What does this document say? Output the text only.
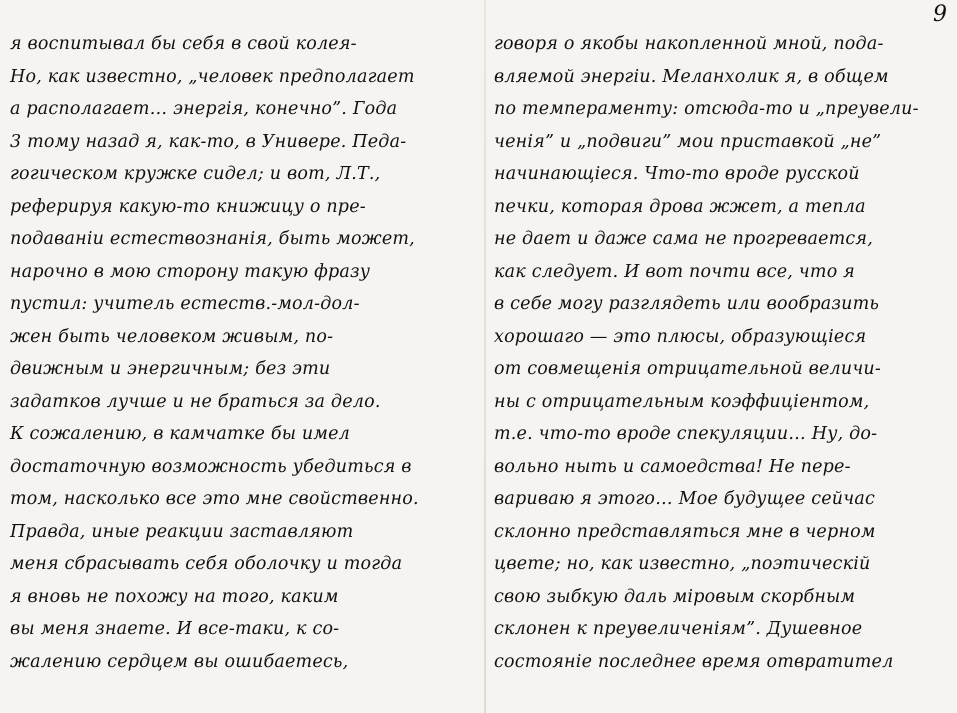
9
я воспитывал бы себя в свой колея-
Но, как известно, „человек предполагает
а располагает… энергія, конечно”. Года
3 тому назад я, как-то, в Универе. Педа-
гогическом кружке сидел; и вот, Л.Т.,
реферируя какую-то книжицу о пре-
подаваніи естествознанія, быть может,
нарочно в мою сторону такую фразу
пустил: учитель естеств.-мол-дол-
жен быть человеком живым, по-
движным и энергичным; без эти
задатков лучше и не браться за дело.
К сожалению, в камчатке бы имел
достаточную возможность убедиться в
том, насколько все это мне свойственно.
Правда, иные реакции заставляют
меня сбрасывать себя оболочку и тогда
я вновь не похожу на того, каким
вы меня знаете. И все-таки, к со-
жалению сердцем вы ошибаетесь,
говоря о якобы накопленной мной, пода-
вляемой энергіи. Меланхолик я, в общем
по темпераменту: отсюда-то и „преувели-
ченія” и „подвиги” мои приставкой „не”
начинающіеся. Что-то вроде русской
печки, которая дрова жжет, а тепла
не дает и даже сама не прогревается,
как следует. И вот почти все, что я
в себе могу разглядеть или вообразить
хорошаго — это плюсы, образующіеся
от совмещенія отрицательной величи-
ны с отрицательным коэффиціентом,
т.е. что-то вроде спекуляции… Ну, до-
вольно ныть и самоедства! Не пере-
вариваю я этого… Мое будущее сейчас
склонно представляться мне в черном
цвете; но, как известно, „поэтическій
свою зыбкую даль міровым скорбным
склонен к преувеличеніям”. Душевное
состояніе последнее время отвратител
